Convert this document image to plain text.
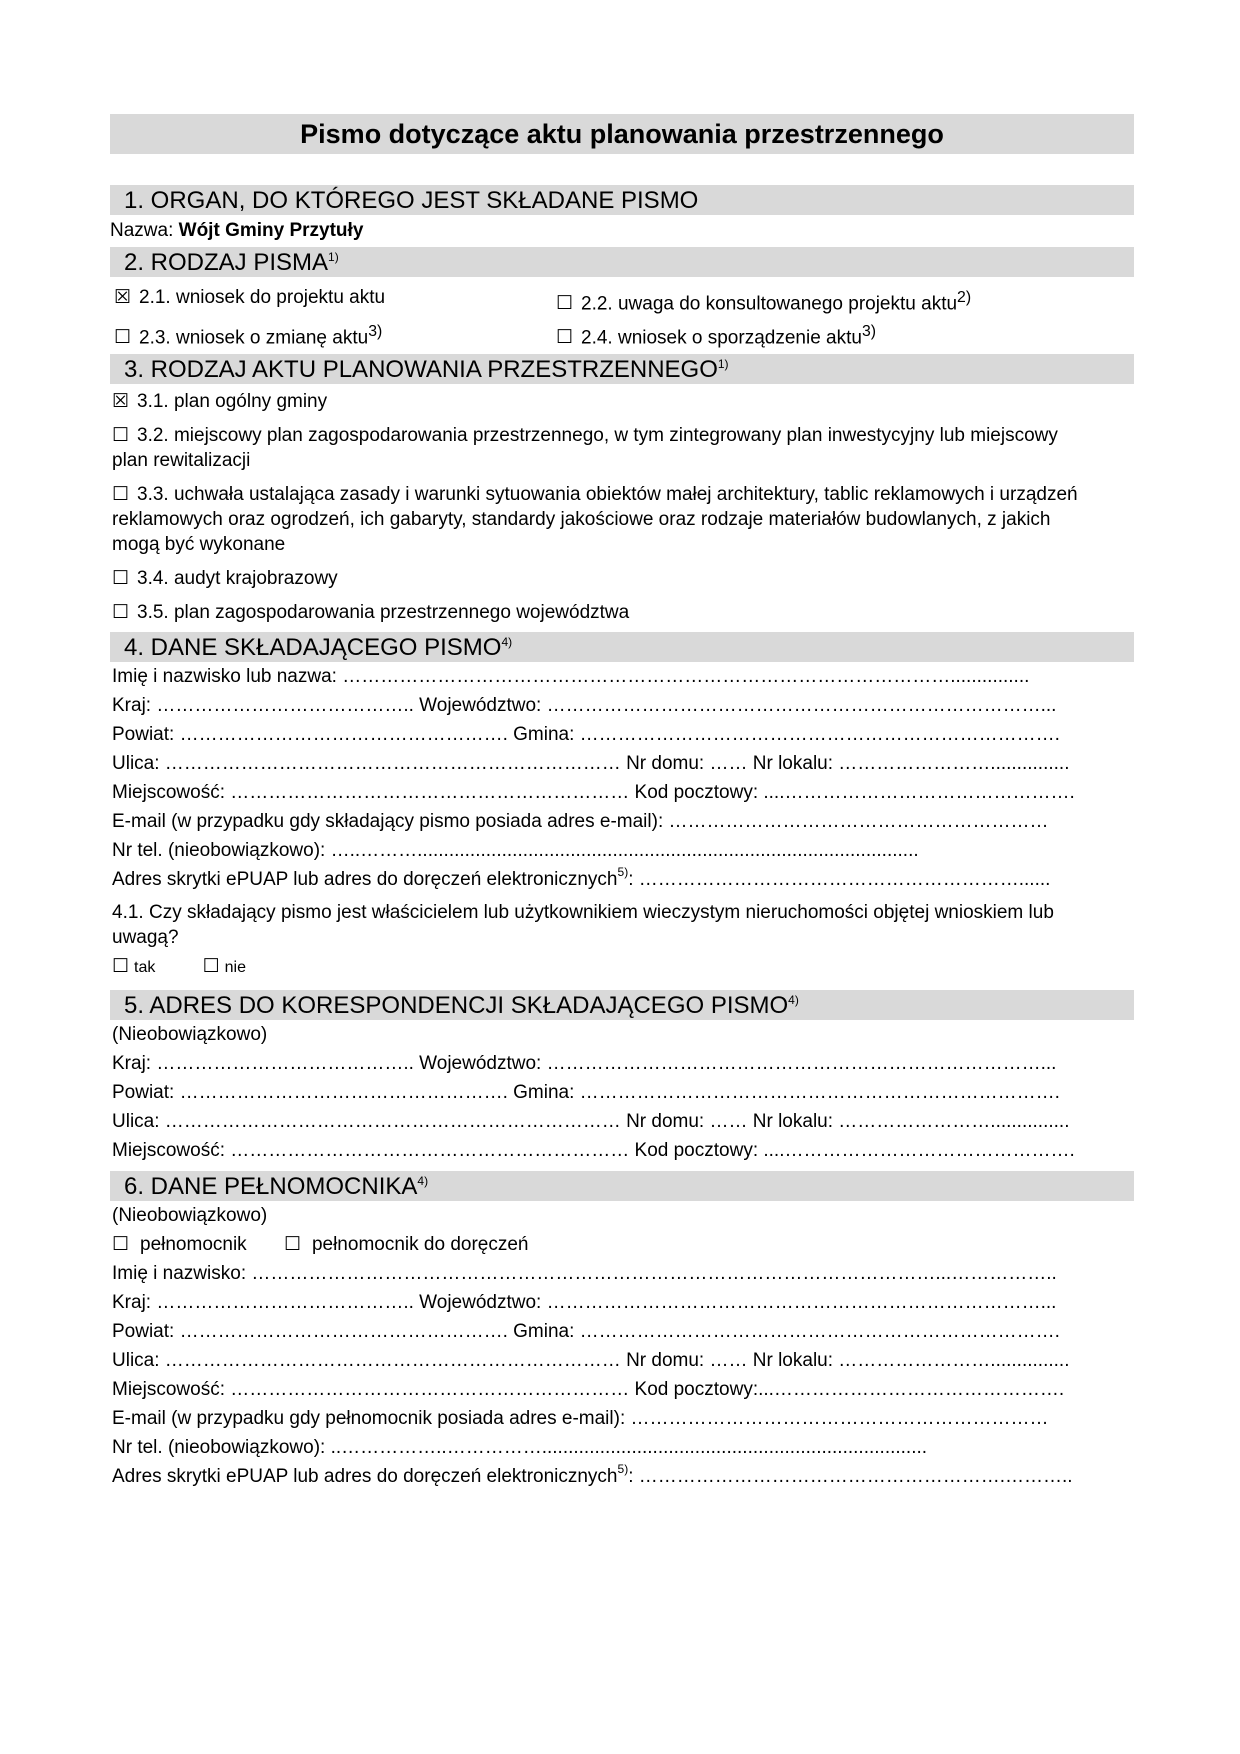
Pismo dotyczące aktu planowania przestrzennego
1. ORGAN, DO KTÓREGO JEST SKŁADANE PISMO
Nazwa: Wójt Gminy Przytuły
2. RODZAJ PISMA$^{1)}$
☒ 2.1. wniosek do projektu aktu	☐ 2.2. uwaga do konsultowanego projektu aktu$^{2)}$
☐ 2.3. wniosek o zmianę aktu$^{3)}$	☐ 2.4. wniosek o sporządzenie aktu$^{3)}$
3. RODZAJ AKTU PLANOWANIA PRZESTRZENNEGO$^{1)}$
☒ 3.1. plan ogólny gminy
☐ 3.2. miejscowy plan zagospodarowania przestrzennego, w tym zintegrowany plan inwestycyjny lub miejscowy plan rewitalizacji
☐ 3.3. uchwała ustalająca zasady i warunki sytuowania obiektów małej architektury, tablic reklamowych i urządzeń reklamowych oraz ogrodzeń, ich gabaryty, standardy jakościowe oraz rodzaje materiałów budowlanych, z jakich mogą być wykonane
☐ 3.4. audyt krajobrazowy
☐ 3.5. plan zagospodarowania przestrzennego województwa
4. DANE SKŁADAJĄCEGO PISMO$^{4)}$
Imię i nazwisko lub nazwa: ……………………………………………………………………………………...............
Kraj: ………………………………….. Województwo: ……………………………………………………………………...
Powiat: ……………………………………………. Gmina: ………………………………………………………………….
Ulica: ……………………………………………………………… Nr domu: …… Nr lokalu: ……………………...............
Miejscowość: ……………………………………………………… Kod pocztowy: ....……………………………………….
E-mail (w przypadku gdy składający pismo posiada adres e-mail): ……………………………………………………
Nr tel. (nieobowiązkowo): …..………...............................................................................................
Adres skrytki ePUAP lub adres do doręczeń elektronicznych$^{5)}$: ……………………………………………………......
4.1. Czy składający pismo jest właścicielem lub użytkownikiem wieczystym nieruchomości objętej wnioskiem lub uwagą?
☐ tak ☐ nie
5. ADRES DO KORESPONDENCJI SKŁADAJĄCEGO PISMO$^{4)}$
(Nieobowiązkowo)
Kraj: ………………………………….. Województwo: ……………………………………………………………………...
Powiat: ……………………………………………. Gmina: ………………………………………………………………….
Ulica: ……………………………………………………………… Nr domu: …… Nr lokalu: ……………………...............
Miejscowość: ……………………………………………………… Kod pocztowy: ....……………………………………….
6. DANE PEŁNOMOCNIKA$^{4)}$
(Nieobowiązkowo)
☐ pełnomocnik ☐ pełnomocnik do doręczeń
Imię i nazwisko: ………………………………………………………………………………………………...……………..
Kraj: ………………………………….. Województwo: ……………………………………………………………………...
Powiat: ……………………………………………. Gmina: ………………………………………………………………….
Ulica: ……………………………………………………………… Nr domu: …… Nr lokalu: ……………………...............
Miejscowość: ……………………………………………………… Kod pocztowy:...……………………………………….
E-mail (w przypadku gdy pełnomocnik posiada adres e-mail): …………………………………………………………
Nr tel. (nieobowiązkowo): ..……………..…………….........................................................................
Adres skrytki ePUAP lub adres do doręczeń elektronicznych$^{5)}$: ………………………………………………….………..
